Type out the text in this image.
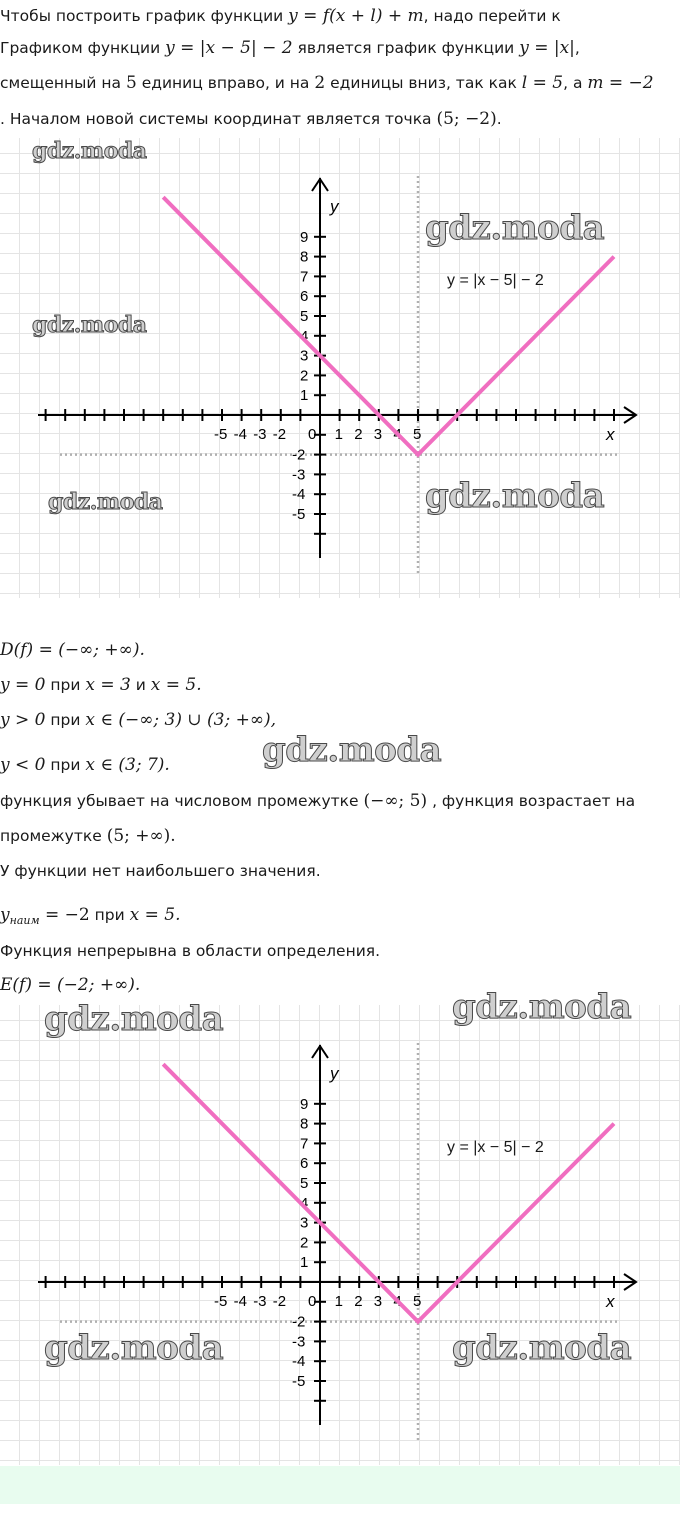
Чтобы построить график функции y = f(x + l) + m, надо перейти к
Графиком функции y = |x − 5| − 2 является график функции y = |x|,
смещенный на 5 единиц вправо, и на 2 единицы вниз, так как l = 5, а m = −2
. Началом новой системы координат является точка (5; −2).
-5 -4 -3 -2 0 1 2 3 4 5
9
8
7
6
5
4
3
2
1
-2
-3
-4
-5
x
y
y = |x − 5| − 2
gdz.moda
gdz.moda
gdz.moda
gdz.moda	gdz.moda
D(f) = (−∞; +∞).
y = 0 при x = 3 и x = 5.
y > 0 при x ∈ (−∞; 3) ∪ (3; +∞),
y < 0 при x ∈ (3; 7).	gdz.moda
функция убывает на числовом промежутке (−∞; 5) , функция возрастает на
промежутке (5; +∞).
У функции нет наибольшего значения.
$y_{наим} = -2$ при x = 5.
Функция непрерывна в области определения.
E(f) = (−2; +∞).
-5 -4 -3 -2 0 1 2 3 4 5
9
8
7
6
5
4
3
2
1
-2
-3
-4
-5
x
y
y = |x − 5| − 2
gdz.moda	gdz.moda
gdz.moda	gdz.moda
